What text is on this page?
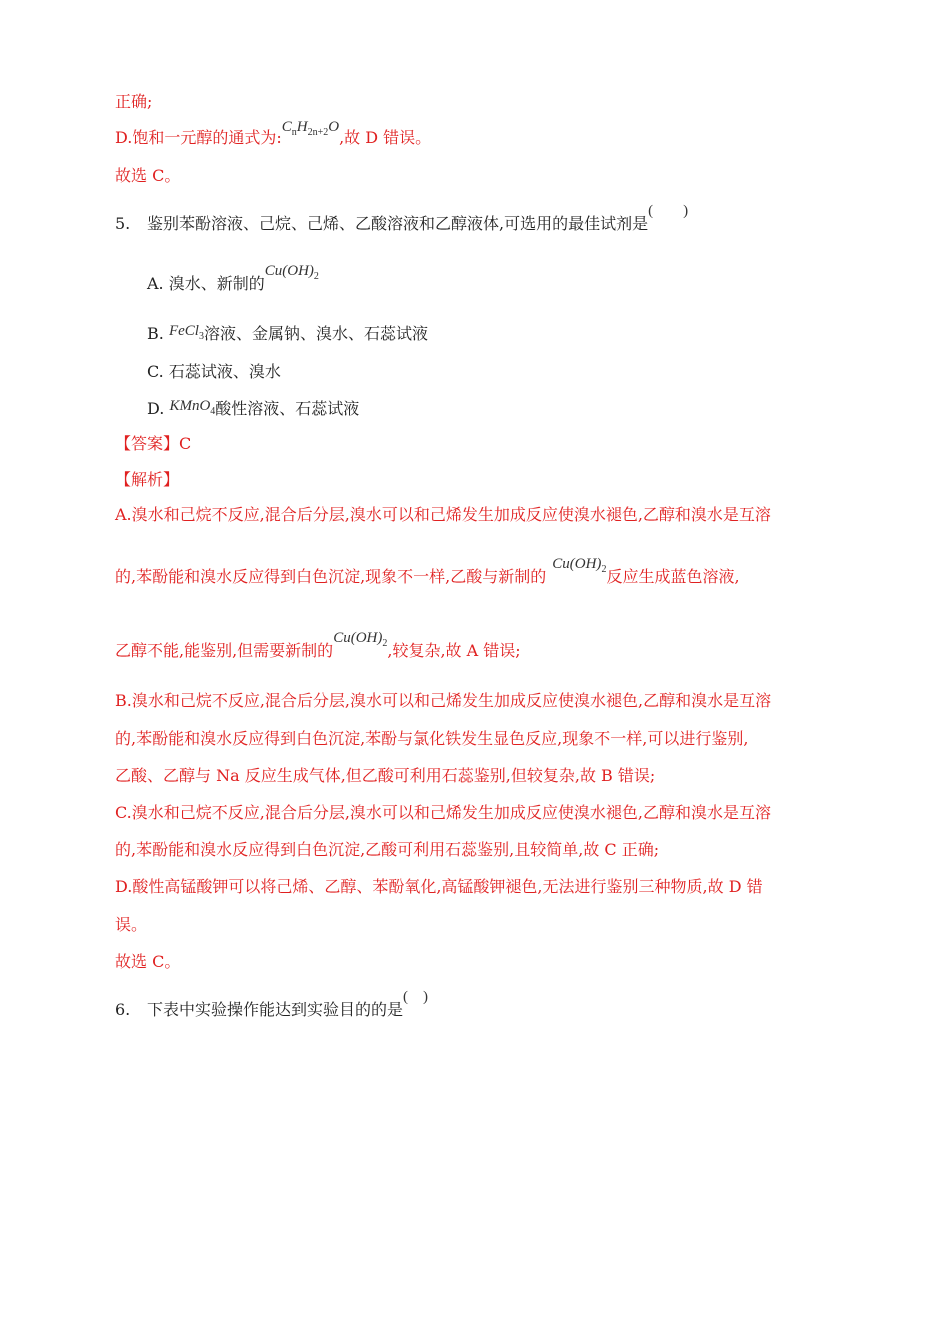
正确;
D.饱和一元醇的通式为$:C_nH_{2n+2}O$,故 D 错误。
故选 C。
5. 鉴别苯酚溶液、己烷、己烯、乙酸溶液和乙醇液体,可选用的最佳试剂是(　　)
A. 溴水、新制的$Cu(OH)_2$
B. FeCl$_3$溶液、金属钠、溴水、石蕊试液
C. 石蕊试液、溴水
D. KMnO$_4$酸性溶液、石蕊试液
【答案】C
【解析】
A.溴水和己烷不反应,混合后分层,溴水可以和己烯发生加成反应使溴水褪色,乙醇和溴水是互溶
的,苯酚能和溴水反应得到白色沉淀,现象不一样,乙酸与新制的$Cu(OH)_2$反应生成蓝色溶液,
乙醇不能,能鉴别,但需要新制的$Cu(OH)_2$,较复杂,故 A 错误;
B.溴水和己烷不反应,混合后分层,溴水可以和己烯发生加成反应使溴水褪色,乙醇和溴水是互溶
的,苯酚能和溴水反应得到白色沉淀,苯酚与氯化铁发生显色反应,现象不一样,可以进行鉴别,
乙酸、乙醇与 Na 反应生成气体,但乙酸可利用石蕊鉴别,但较复杂,故 B 错误;
C.溴水和己烷不反应,混合后分层,溴水可以和己烯发生加成反应使溴水褪色,乙醇和溴水是互溶
的,苯酚能和溴水反应得到白色沉淀,乙酸可利用石蕊鉴别,且较简单,故 C 正确;
D.酸性高锰酸钾可以将己烯、乙醇、苯酚氧化,高锰酸钾褪色,无法进行鉴别三种物质,故 D 错
误。
故选 C。
6. 下表中实验操作能达到实验目的的是(　)
